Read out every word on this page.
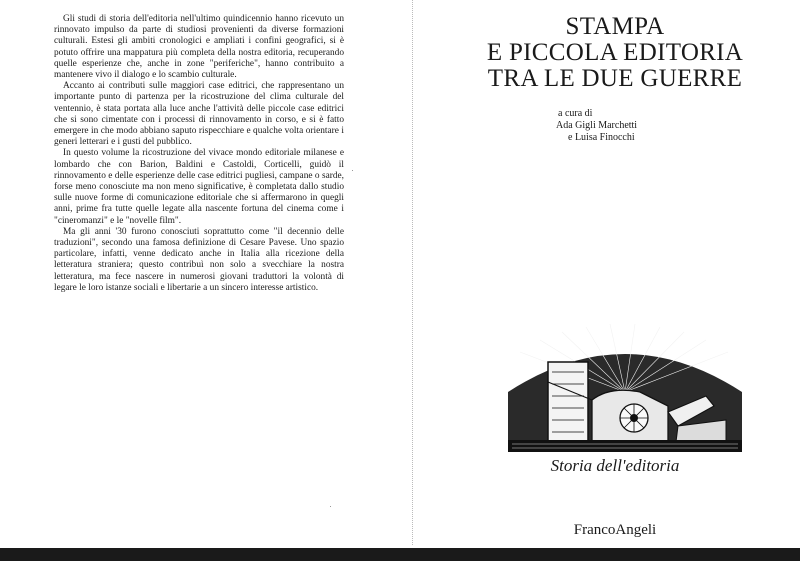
Gli studi di storia dell'editoria nell'ultimo quindicennio hanno ricevuto un rinnovato impulso da parte di studiosi provenienti da diverse formazioni culturali. Estesi gli ambiti cronologici e ampliati i confini geografici, si è potuto offrire una mappatura più completa della nostra editoria, recuperando quelle esperienze che, anche in zone "periferiche", hanno contribuito a mantenere vivo il dialogo e lo scambio culturale.

Accanto ai contributi sulle maggiori case editrici, che rappresentano un importante punto di partenza per la ricostruzione del clima culturale del ventennio, è stata portata alla luce anche l'attività delle piccole case editrici che si sono cimentate con i processi di rinnovamento in corso, e si è fatto emergere in che modo abbiano saputo rispecchiare e qualche volta orientare i generi letterari e i gusti del pubblico.

In questo volume la ricostruzione del vivace mondo editoriale milanese e lombardo che con Barion, Baldini e Castoldi, Corticelli, guidò il rinnovamento e delle esperienze delle case editrici pugliesi, campane o sarde, forse meno conosciute ma non meno significative, è completata dallo studio sulle nuove forme di comunicazione editoriale che si affermarono in quegli anni, prime fra tutte quelle legate alla nascente fortuna del cinema come i "cineromanzi" e le "novelle film".

Ma gli anni '30 furono conosciuti soprattutto come "il decennio delle traduzioni", secondo una famosa definizione di Cesare Pavese. Uno spazio particolare, infatti, venne dedicato anche in Italia alla ricezione della letteratura straniera; questo contribuì non solo a svecchiare la nostra letteratura, ma fece nascere in numerosi giovani traduttori la volontà di legare le loro istanze sociali e libertarie a un sincero interesse artistico.

STAMPA
E PICCOLA EDITORIA
TRA LE DUE GUERRE
a cura di
Ada Gigli Marchetti
e Luisa Finocchi
Storia dell'editoria
FrancoAngeli
